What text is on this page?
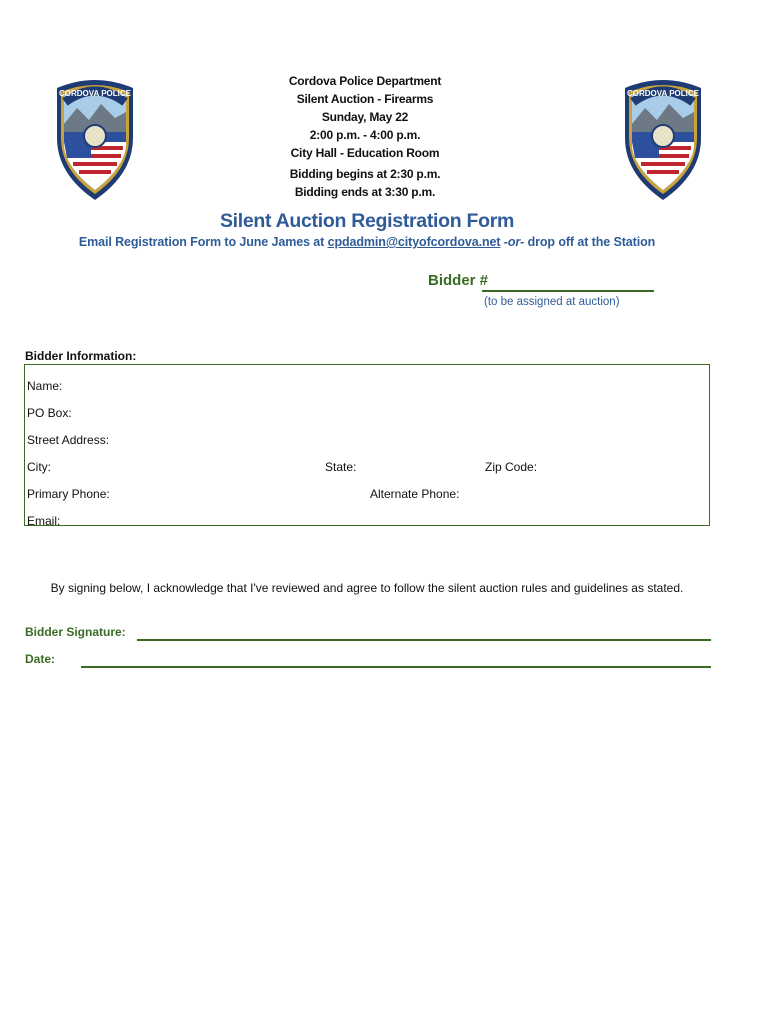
CORDOVA POLICE	CORDOVA POLICE
Cordova Police Department
Silent Auction - Firearms
Sunday, May 22
2:00 p.m. - 4:00 p.m.
City Hall - Education Room
Bidding begins at 2:30 p.m.
Bidding ends at 3:30 p.m.
Silent Auction Registration Form
Email Registration Form to June James at cpdadmin@cityofcordova.net -or- drop off at the Station
Bidder #
(to be assigned at auction)
Bidder Information:
Name:
PO Box:
Street Address:
City:	State:	Zip Code:
Primary Phone:	Alternate Phone:
Email:
By signing below, I acknowledge that I've reviewed and agree to follow the silent auction rules and guidelines as stated.
Bidder Signature:
Date:
